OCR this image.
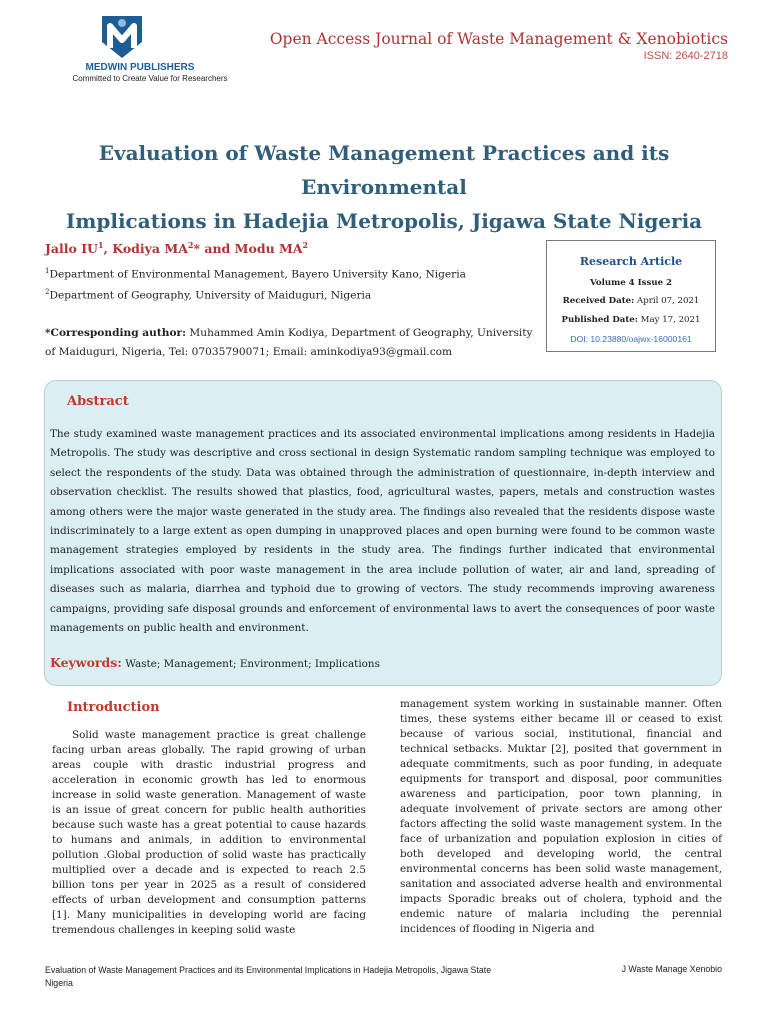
MEDWIN PUBLISHERS
Committed to Create Value for Researchers
Open Access Journal of Waste Management & Xenobiotics
ISSN: 2640-2718
Evaluation of Waste Management Practices and its Environmental
Implications in Hadejia Metropolis, Jigawa State Nigeria
Jallo $IU^1$, Kodiya $MA^2*$ and Modu $MA^2$
$^1$Department of Environmental Management, Bayero University Kano, Nigeria
$^2$Department of Geography, University of Maiduguri, Nigeria
*Corresponding author: Muhammed Amin Kodiya, Department of Geography, University of Maiduguri, Nigeria, Tel: 07035790071; Email: aminkodiya93@gmail.com
Research Article
Volume 4 Issue 2
Received Date: April 07, 2021
Published Date: May 17, 2021
DOI: 10.23880/oajwx-16000161
Abstract
The study examined waste management practices and its associated environmental implications among residents in Hadejia Metropolis. The study was descriptive and cross sectional in design Systematic random sampling technique was employed to select the respondents of the study. Data was obtained through the administration of questionnaire, in-depth interview and observation checklist. The results showed that plastics, food, agricultural wastes, papers, metals and construction wastes among others were the major waste generated in the study area. The findings also revealed that the residents dispose waste indiscriminately to a large extent as open dumping in unapproved places and open burning were found to be common waste management strategies employed by residents in the study area. The findings further indicated that environmental implications associated with poor waste management in the area include pollution of water, air and land, spreading of diseases such as malaria, diarrhea and typhoid due to growing of vectors. The study recommends improving awareness campaigns, providing safe disposal grounds and enforcement of environmental laws to avert the consequences of poor waste managements on public health and environment.
Keywords: Waste; Management; Environment; Implications
Introduction

Solid waste management practice is great challenge facing urban areas globally. The rapid growing of urban areas couple with drastic industrial progress and acceleration in economic growth has led to enormous increase in solid waste generation. Management of waste is an issue of great concern for public health authorities because such waste has a great potential to cause hazards to humans and animals, in addition to environmental pollution .Global production of solid waste has practically multiplied over a decade and is expected to reach 2.5 billion tons per year in 2025 as a result of considered effects of urban development and consumption patterns [1]. Many municipalities in developing world are facing tremendous challenges in keeping solid waste

management system working in sustainable manner. Often times, these systems either became ill or ceased to exist because of various social, institutional, financial and technical setbacks. Muktar [2], posited that government in adequate commitments, such as poor funding, in adequate equipments for transport and disposal, poor communities awareness and participation, poor town planning, in adequate involvement of private sectors are among other factors affecting the solid waste management system. In the face of urbanization and population explosion in cities of both developed and developing world, the central environmental concerns has been solid waste management, sanitation and associated adverse health and environmental impacts Sporadic breaks out of cholera, typhoid and the endemic nature of malaria including the perennial incidences of flooding in Nigeria and

Evaluation of Waste Management Practices and its Environmental Implications in Hadejia Metropolis, Jigawa State Nigeria
J Waste Manage Xenobio
